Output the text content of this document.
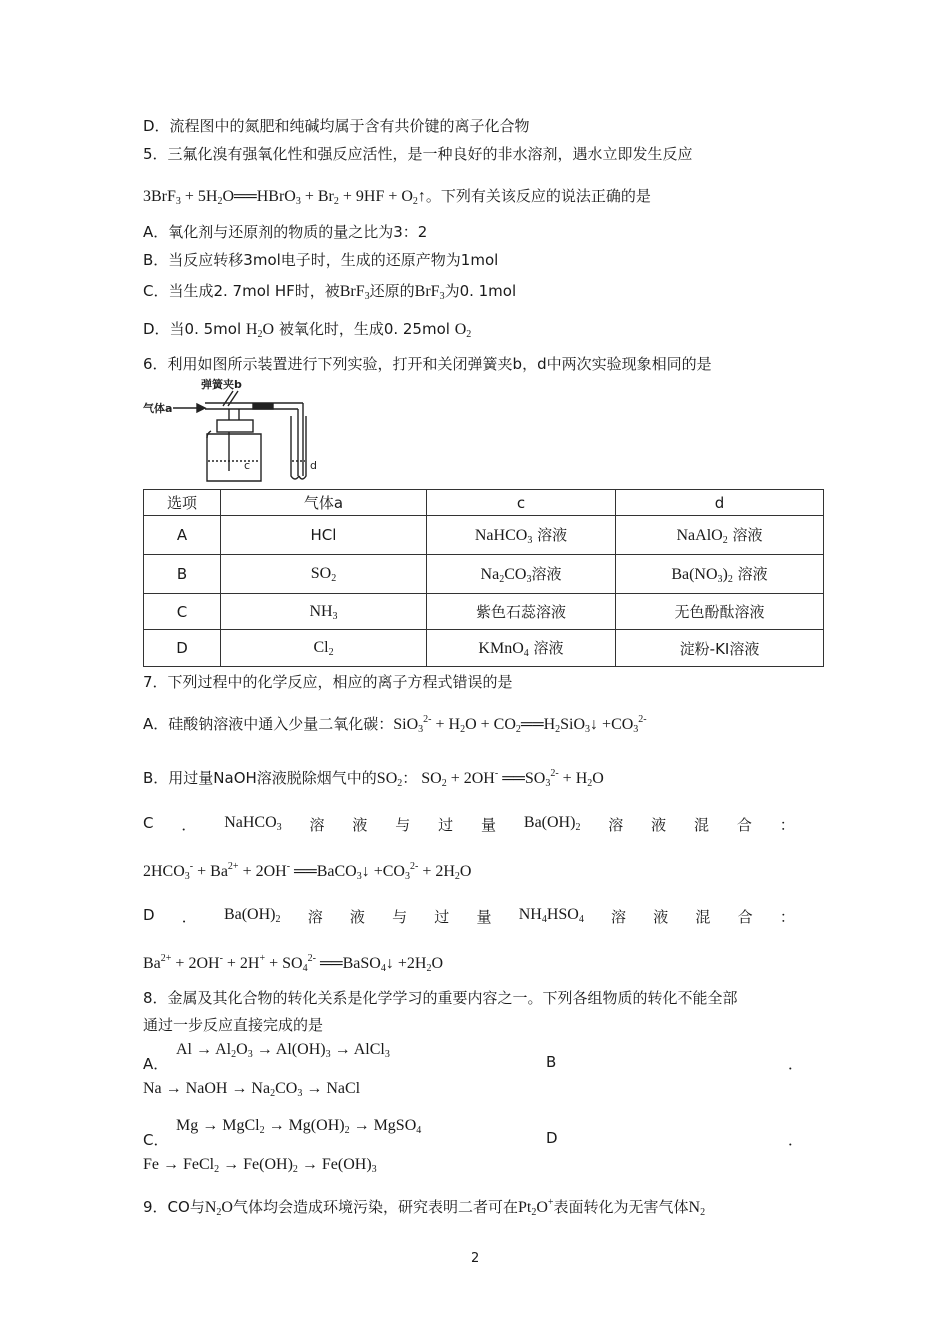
D．流程图中的氮肥和纯碱均属于含有共价键的离子化合物
5．三氟化溴有强氧化性和强反应活性，是一种良好的非水溶剂，遇水立即发生反应
$3BrF_3 + 5H_2O══HBrO_3 + Br_2 + 9HF$ + $O_2↑$。下列有关该反应的说法正确的是
A．氧化剂与还原剂的物质的量之比为3：2
B．当反应转移3mol电子时，生成的还原产物为1mol
C．当生成2. 7mol HF时，被BrF$_3$还原的BrF$_3$为0. 1mol
D．当0. 5mol $H_2O$ 被氧化时，生成0. 25mol $O_2$
6．利用如图所示装置进行下列实验，打开和关闭弹簧夹b，d中两次实验现象相同的是
弹簧夹b
气体a
c	d
选项	气体a	c	d
A	HCl	NaHCO$_3$ 溶液	NaAlO$_2$ 溶液
B	$SO_2$	$Na_2CO_3$溶液	$Ba(NO_3)_2$ 溶液
C	$NH_3$	紫色石蕊溶液	无色酚酞溶液
D	$Cl_2$	KMnO$_4$ 溶液	淀粉-KI溶液
7．下列过程中的化学反应，相应的离子方程式错误的是
A．硅酸钠溶液中通入少量二氧化碳：$SiO_3^{2-} + H_2O$ + $CO_2══H_2SiO_3↓ +CO_3^{2-}$
B．用过量NaOH溶液脱除烟气中的$SO_2$： $SO_2 + 2OH^-$ $══SO_3^{2-} + H_2O$
C ． NaHCO$_3$ 溶 液 与 过 量 $Ba(OH)_2$ 溶 液 混 合 ：
$2HCO_3^- + Ba^{2+} + 2OH^-$ ══BaCO$_3$↓ $+CO_3^{2-} + 2H_2O$
D ． $Ba(OH)_2$ 溶 液 与 过 量 $NH_4HSO_4$ 溶 液 混 合 ：
$Ba^{2+} + 2OH^- + 2H^+ + SO_4^{2-}$ ══BaSO$_4$↓ $+2H_2O$
8．金属及其化合物的转化关系是化学学习的重要内容之一。下列各组物质的转化不能全部
通过一步反应直接完成的是
A．
$Al \to Al_2O_3 \to Al(OH)_3$ → AlCl$_3$	B	．
Na → NaOH → $Na_2CO_3$ → NaCl
C．
Mg → MgCl$_2$ → $Mg(OH)_2$ → MgSO$_4$	D	．
Fe → FeCl$_2$ → $Fe(OH)_2 \to Fe(OH)_3$
9．CO与$N_2O$气体均会造成环境污染，研究表明二者可在$Pt_2O^+$表面转化为无害气体$N_2$
2
